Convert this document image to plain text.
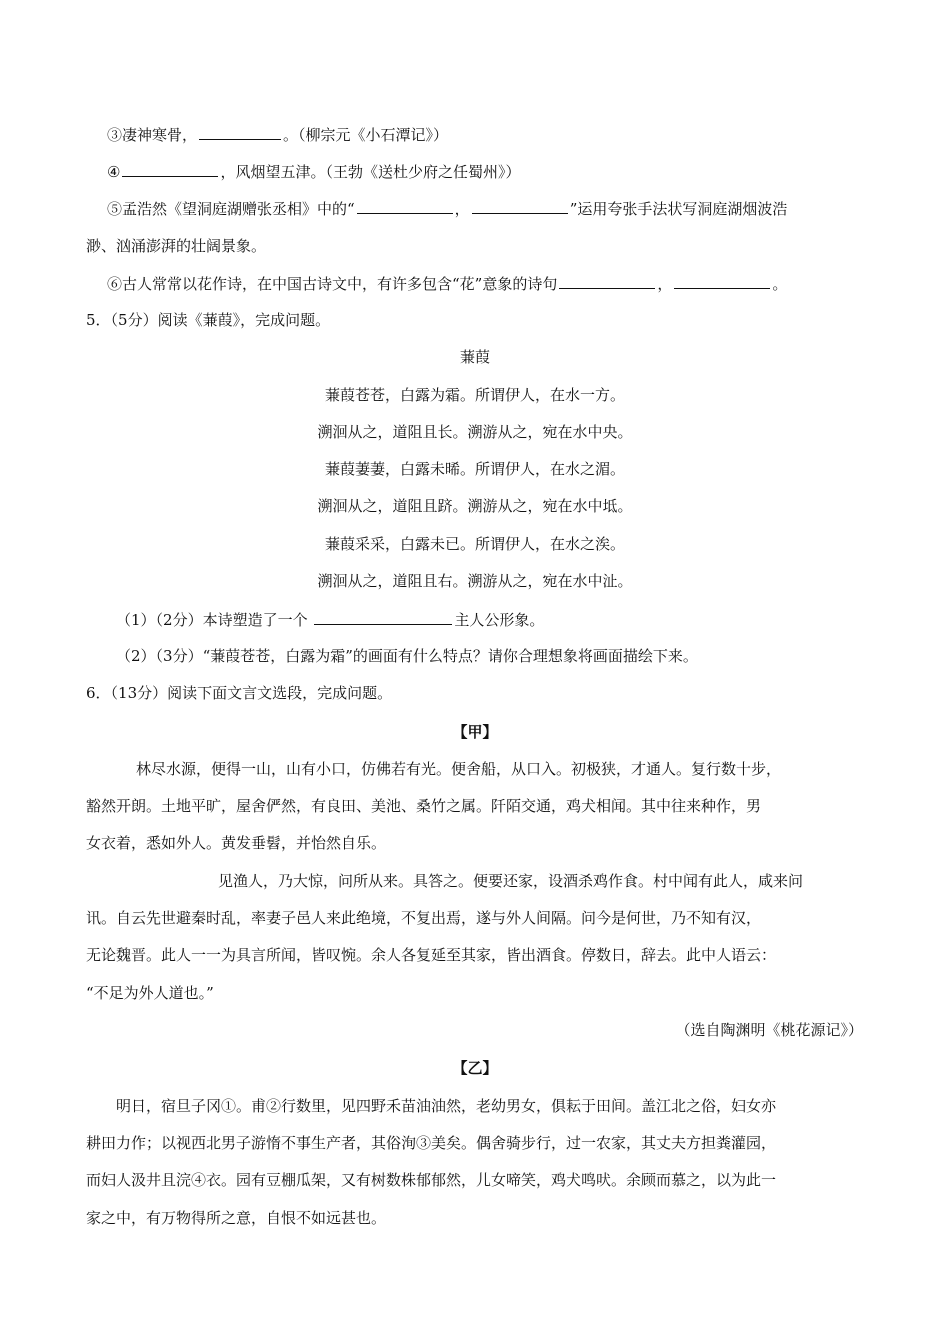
③凄神寒骨，	。（柳宗元《小石潭记》）
④	，风烟望五津。（王勃《送杜少府之任蜀州》）
⑤孟浩然《望洞庭湖赠张丞相》中的“	，	”运用夸张手法状写洞庭湖烟波浩
渺、汹涌澎湃的壮阔景象。
⑥古人常常以花作诗，在中国古诗文中，有许多包含“花”意象的诗句	，	。
5．（5分）阅读《蒹葭》，完成问题。
蒹葭
蒹葭苍苍，白露为霜。所谓伊人，在水一方。
溯洄从之，道阻且长。溯游从之，宛在水中央。
蒹葭萋萋，白露未晞。所谓伊人，在水之湄。
溯洄从之，道阻且跻。溯游从之，宛在水中坻。
蒹葭采采，白露未已。所谓伊人，在水之涘。
溯洄从之，道阻且右。溯游从之，宛在水中沚。
（1）（2分）本诗塑造了一个	主人公形象。
（2）（3分）“蒹葭苍苍，白露为霜”的画面有什么特点？请你合理想象将画面描绘下来。
6．（13分）阅读下面文言文选段，完成问题。
【甲】
林尽水源，便得一山，山有小口，仿佛若有光。便舍船，从口入。初极狭，才通人。复行数十步，
豁然开朗。土地平旷，屋舍俨然，有良田、美池、桑竹之属。阡陌交通，鸡犬相闻。其中往来种作，男
女衣着，悉如外人。黄发垂髫，并怡然自乐。
见渔人，乃大惊，问所从来。具答之。便要还家，设酒杀鸡作食。村中闻有此人，咸来问
讯。自云先世避秦时乱，率妻子邑人来此绝境，不复出焉，遂与外人间隔。问今是何世，乃不知有汉，
无论魏晋。此人一一为具言所闻，皆叹惋。余人各复延至其家，皆出酒食。停数日，辞去。此中人语云：
“不足为外人道也。”
（选自陶渊明《桃花源记》）
【乙】
明日，宿旦子冈①。甫②行数里，见四野禾苗油油然，老幼男女，俱耘于田间。盖江北之俗，妇女亦
耕田力作；以视西北男子游惰不事生产者，其俗洵③美矣。偶舍骑步行，过一农家，其丈夫方担粪灌园，
而妇人汲井且浣④衣。园有豆棚瓜架，又有树数株郁郁然，儿女啼笑，鸡犬鸣吠。余顾而慕之，以为此一
家之中，有万物得所之意，自恨不如远甚也。
